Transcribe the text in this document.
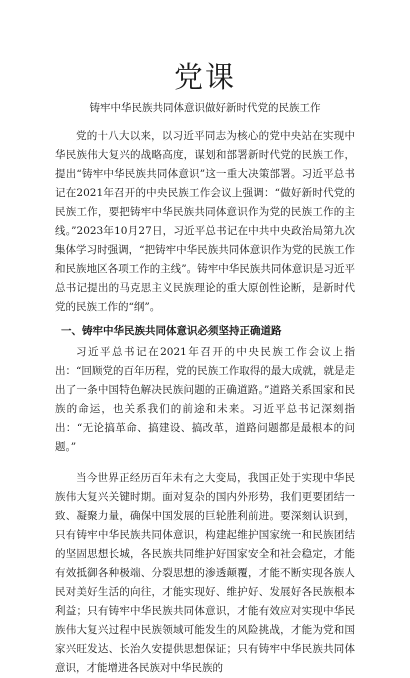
党课
铸牢中华民族共同体意识做好新时代党的民族工作

党的十八大以来，以习近平同志为核心的党中央站在实现中华民族伟大复兴的战略高度，谋划和部署新时代党的民族工作，提出“铸牢中华民族共同体意识”这一重大决策部署。习近平总书记在2021年召开的中央民族工作会议上强调：“做好新时代党的民族工作，要把铸牢中华民族共同体意识作为党的民族工作的主线。”2023年10月27日，习近平总书记在中共中央政治局第九次集体学习时强调，“把铸牢中华民族共同体意识作为党的民族工作和民族地区各项工作的主线”。铸牢中华民族共同体意识是习近平总书记提出的马克思主义民族理论的重大原创性论断，是新时代党的民族工作的“纲”。

一、铸牢中华民族共同体意识必须坚持正确道路

习近平总书记在2021年召开的中央民族工作会议上指出：“回顾党的百年历程，党的民族工作取得的最大成就，就是走出了一条中国特色解决民族问题的正确道路。”道路关系国家和民族的命运，也关系我们的前途和未来。习近平总书记深刻指出：“无论搞革命、搞建设、搞改革，道路问题都是最根本的问题。”

当今世界正经历百年未有之大变局，我国正处于实现中华民族伟大复兴关键时期。面对复杂的国内外形势，我们更要团结一致、凝聚力量，确保中国发展的巨轮胜利前进。要深刻认识到，只有铸牢中华民族共同体意识，构建起维护国家统一和民族团结的坚固思想长城，各民族共同维护好国家安全和社会稳定，才能有效抵御各种极端、分裂思想的渗透颠覆，才能不断实现各族人民对美好生活的向往，才能实现好、维护好、发展好各民族根本利益；只有铸牢中华民族共同体意识，才能有效应对实现中华民族伟大复兴过程中民族领域可能发生的风险挑战，才能为党和国家兴旺发达、长治久安提供思想保证；只有铸牢中华民族共同体意识，才能增进各民族对中华民族的
